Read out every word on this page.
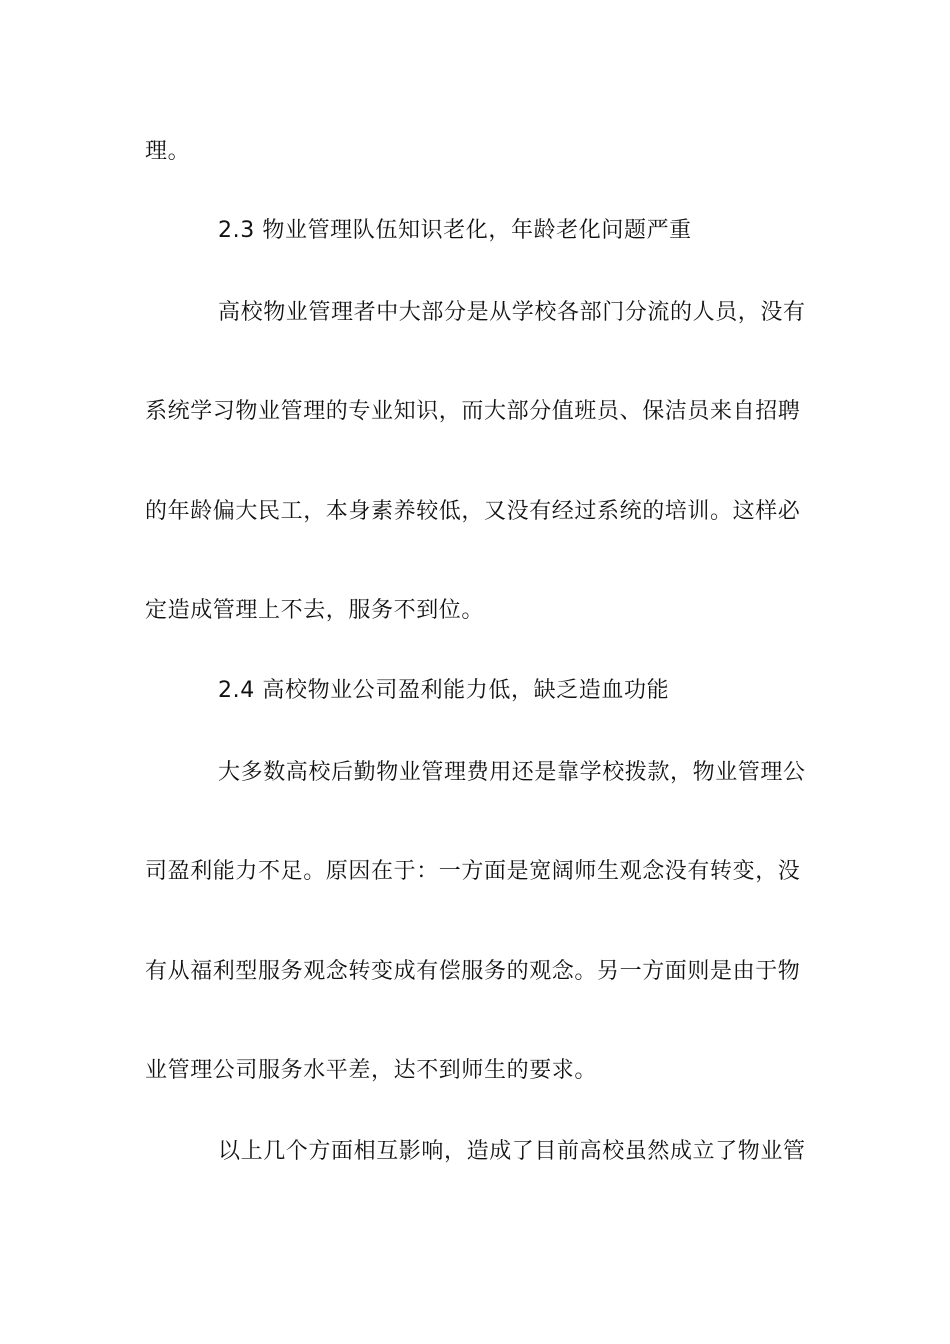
理。
2.3 物业管理队伍知识老化，年龄老化问题严重
高校物业管理者中大部分是从学校各部门分流的人员，没有
系统学习物业管理的专业知识，而大部分值班员、保洁员来自招聘
的年龄偏大民工，本身素养较低，又没有经过系统的培训。这样必
定造成管理上不去，服务不到位。
2.4 高校物业公司盈利能力低，缺乏造血功能
大多数高校后勤物业管理费用还是靠学校拨款，物业管理公
司盈利能力不足。原因在于：一方面是宽阔师生观念没有转变，没
有从福利型服务观念转变成有偿服务的观念。另一方面则是由于物
业管理公司服务水平差，达不到师生的要求。
以上几个方面相互影响，造成了目前高校虽然成立了物业管
